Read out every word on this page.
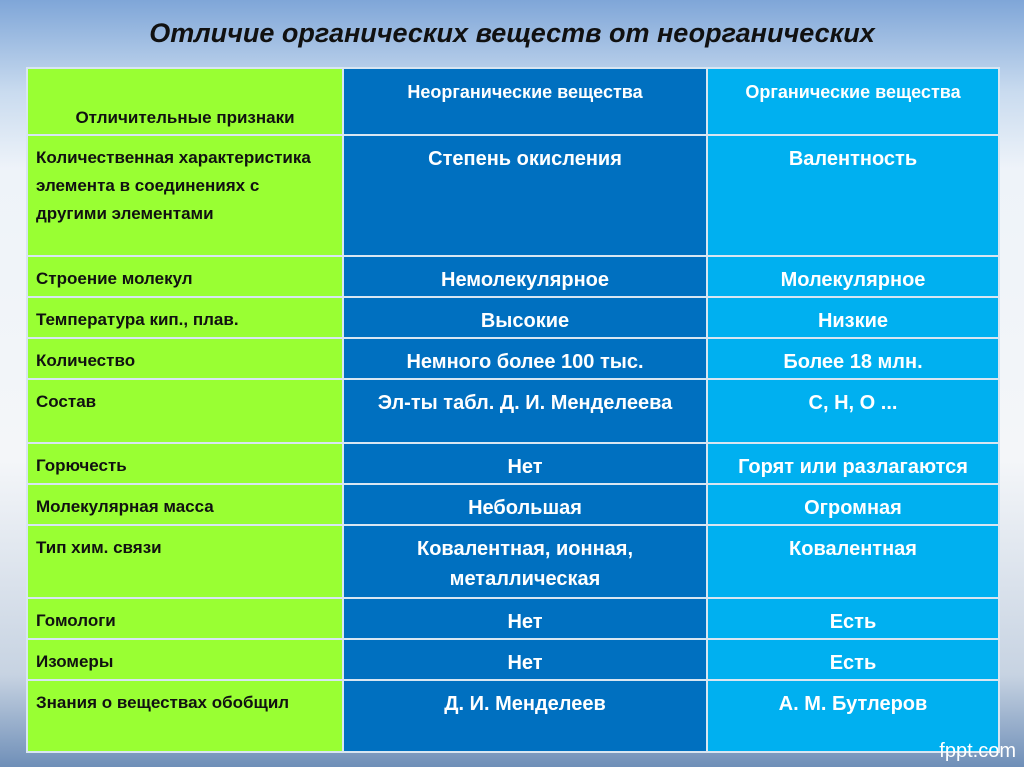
Отличие органических веществ от неорганических
Отличительные признаки	Неорганические вещества	Органические вещества
Количественная характеристика элемента в соединениях с другими элементами	Степень окисления	Валентность
Строение молекул	Немолекулярное	Молекулярное
Температура кип., плав.	Высокие	Низкие
Количество	Немного более 100 тыс.	Более 18 млн.
Состав	Эл-ты табл. Д. И. Менделеева	C, H, O ...
Горючесть	Нет	Горят или разлагаются
Молекулярная масса	Небольшая	Огромная
Тип хим. связи	Ковалентная, ионная, металлическая	Ковалентная
Гомологи	Нет	Есть
Изомеры	Нет	Есть
Знания о веществах обобщил	Д. И. Менделеев	А. М. Бутлеров
fppt.com
